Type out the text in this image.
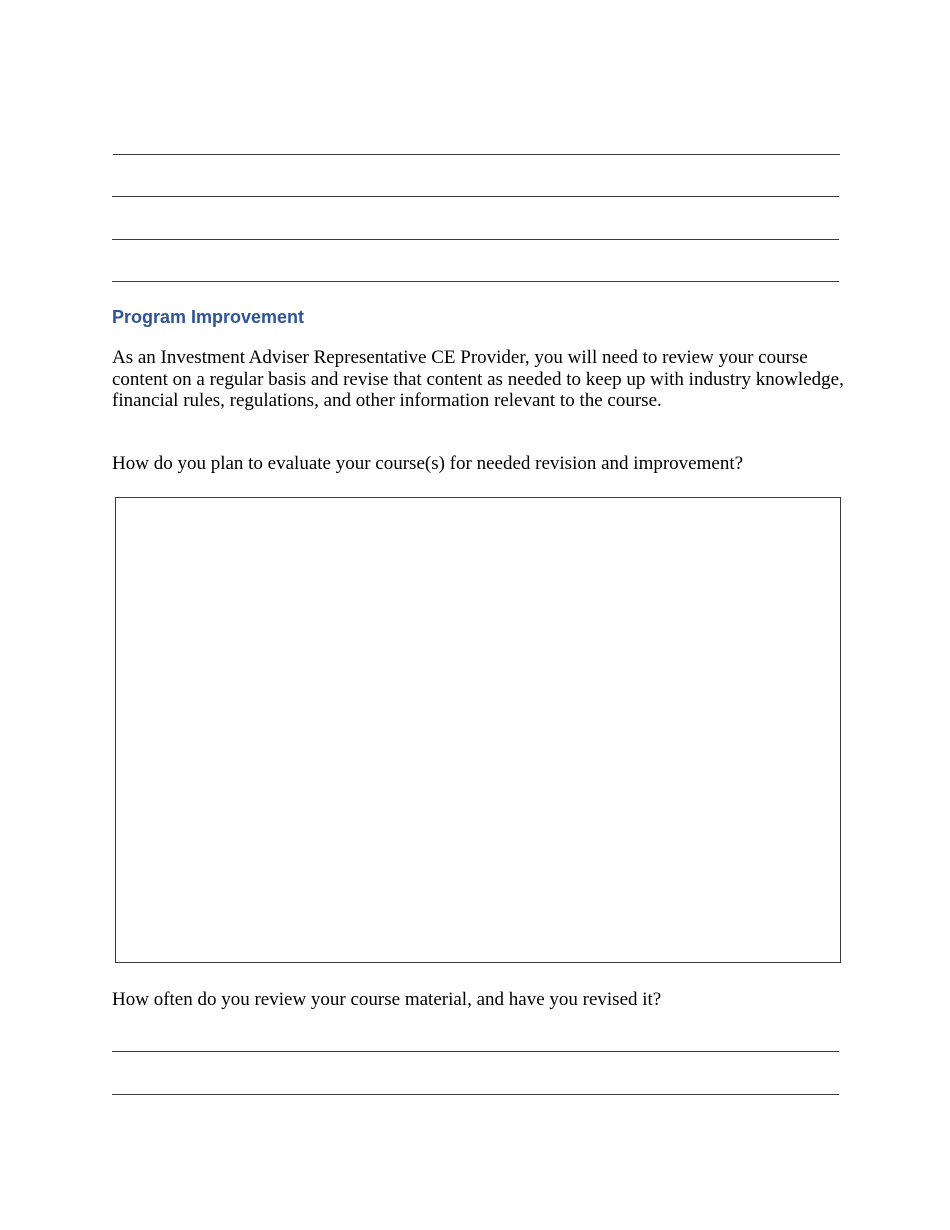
Program Improvement

As an Investment Adviser Representative CE Provider, you will need to review your course content on a regular basis and revise that content as needed to keep up with industry knowledge, financial rules, regulations, and other information relevant to the course.

How do you plan to evaluate your course(s) for needed revision and improvement?

How often do you review your course material, and have you revised it?
